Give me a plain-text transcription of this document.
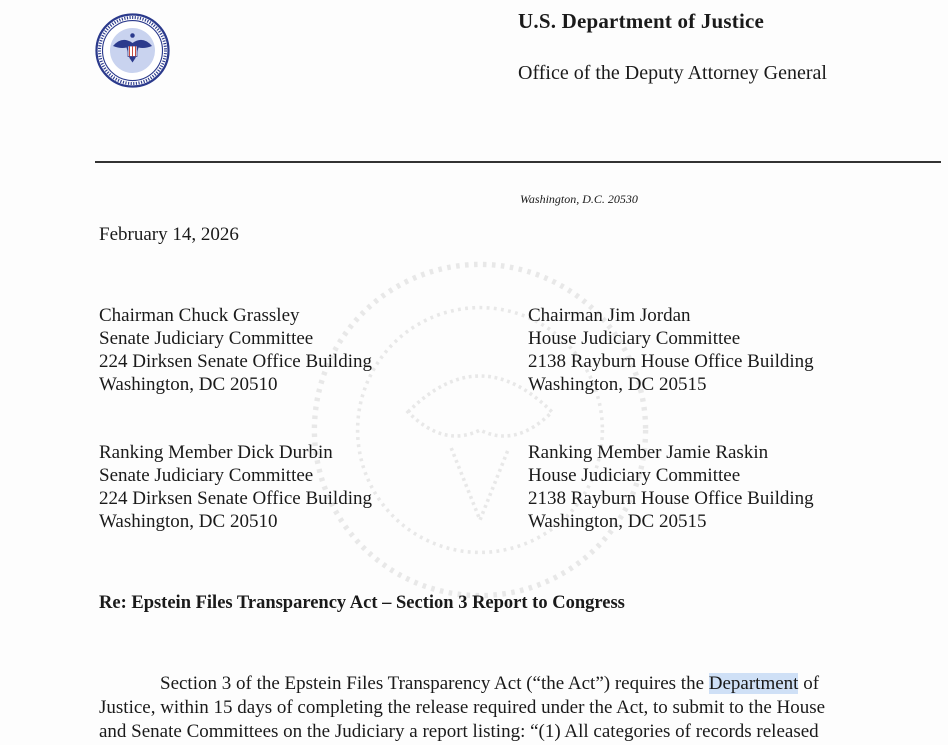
U.S. Department of Justice
Office of the Deputy Attorney General
Washington, D.C. 20530
February 14, 2026
Chairman Chuck Grassley
Senate Judiciary Committee
224 Dirksen Senate Office Building
Washington, DC 20510
Chairman Jim Jordan
House Judiciary Committee
2138 Rayburn House Office Building
Washington, DC 20515
Ranking Member Dick Durbin
Senate Judiciary Committee
224 Dirksen Senate Office Building
Washington, DC 20510
Ranking Member Jamie Raskin
House Judiciary Committee
2138 Rayburn House Office Building
Washington, DC 20515
Re: Epstein Files Transparency Act – Section 3 Report to Congress
Section 3 of the Epstein Files Transparency Act (“the Act”) requires the Department of
Justice, within 15 days of completing the release required under the Act, to submit to the House
and Senate Committees on the Judiciary a report listing: “(1) All categories of records released
